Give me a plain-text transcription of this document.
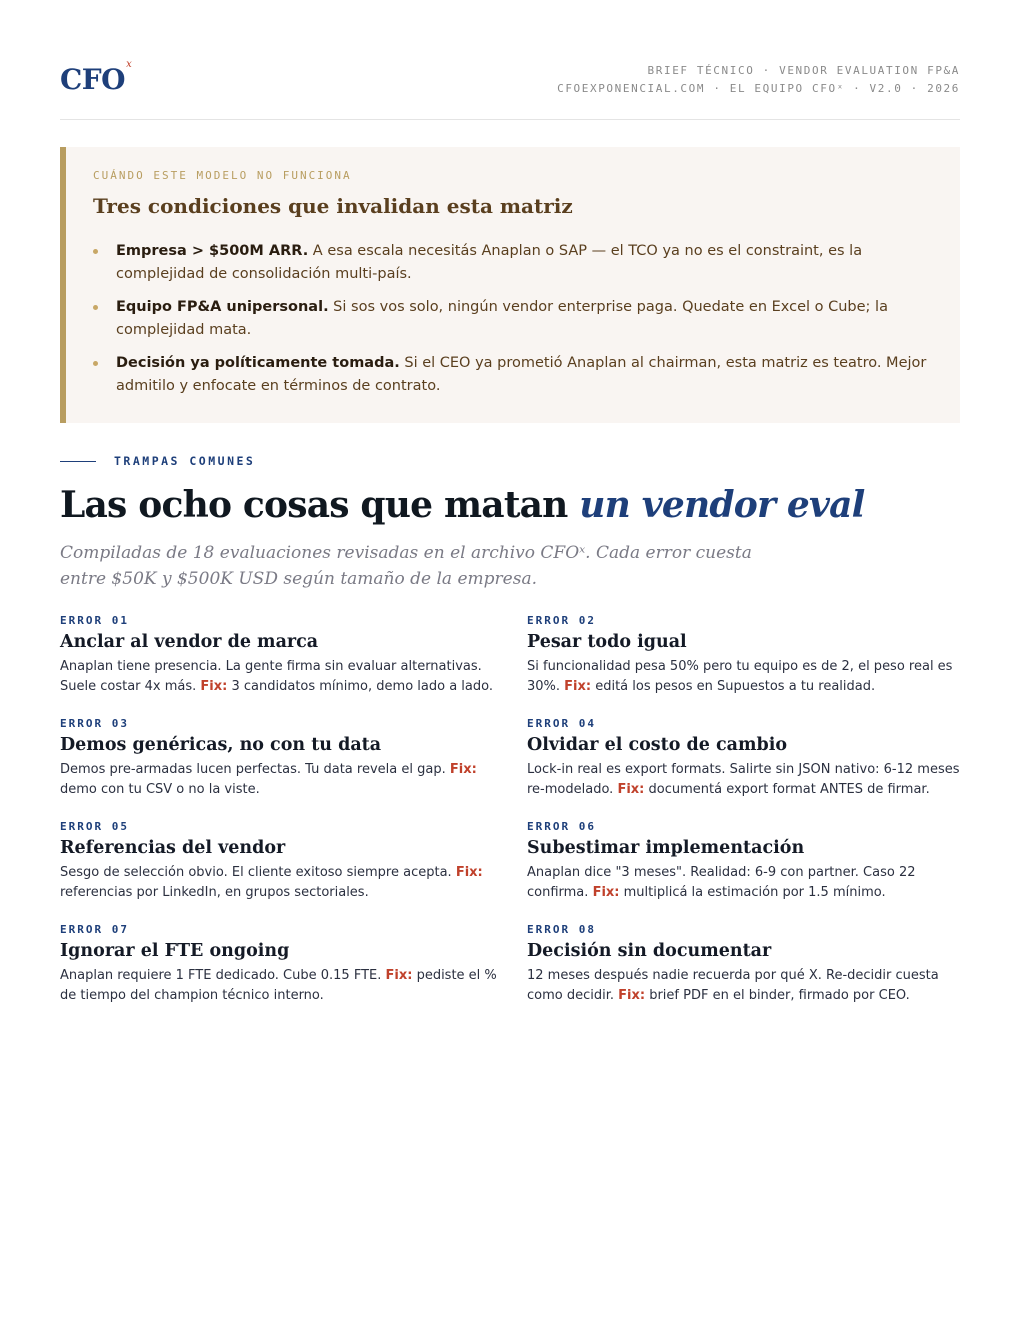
CFO$^x$	BRIEF TÉCNICO · VENDOR EVALUATION FP&A
CFOEXPONENCIAL.COM · EL EQUIPO CFOˣ · V2.0 · 2026
CUÁNDO ESTE MODELO NO FUNCIONA
Tres condiciones que invalidan esta matriz
Empresa > $500M ARR. A esa escala necesitás Anaplan o SAP — el TCO ya no es el constraint, es la complejidad de consolidación multi-país.
Equipo FP&A unipersonal. Si sos vos solo, ningún vendor enterprise paga. Quedate en Excel o Cube; la complejidad mata.
Decisión ya políticamente tomada. Si el CEO ya prometió Anaplan al chairman, esta matriz es teatro. Mejor admitilo y enfocate en términos de contrato.
TRAMPAS COMUNES
Las ocho cosas que matan un vendor eval

Compiladas de 18 evaluaciones revisadas en el archivo CFOˣ. Cada error cuesta entre $50K y $500K USD según tamaño de la empresa.

ERROR 01
Anclar al vendor de marca
Anaplan tiene presencia. La gente firma sin evaluar alternativas. Suele costar 4x más. Fix: 3 candidatos mínimo, demo lado a lado.
ERROR 02
Pesar todo igual
Si funcionalidad pesa 50% pero tu equipo es de 2, el peso real es 30%. Fix: editá los pesos en Supuestos a tu realidad.
ERROR 03
Demos genéricas, no con tu data
Demos pre-armadas lucen perfectas. Tu data revela el gap. Fix: demo con tu CSV o no la viste.
ERROR 04
Olvidar el costo de cambio
Lock-in real es export formats. Salirte sin JSON nativo: 6-12 meses re-modelado. Fix: documentá export format ANTES de firmar.
ERROR 05
Referencias del vendor
Sesgo de selección obvio. El cliente exitoso siempre acepta. Fix: referencias por LinkedIn, en grupos sectoriales.
ERROR 06
Subestimar implementación
Anaplan dice "3 meses". Realidad: 6-9 con partner. Caso 22 confirma. Fix: multiplicá la estimación por 1.5 mínimo.
ERROR 07
Ignorar el FTE ongoing
Anaplan requiere 1 FTE dedicado. Cube 0.15 FTE. Fix: pediste el % de tiempo del champion técnico interno.
ERROR 08
Decisión sin documentar
12 meses después nadie recuerda por qué X. Re-decidir cuesta como decidir. Fix: brief PDF en el binder, firmado por CEO.
